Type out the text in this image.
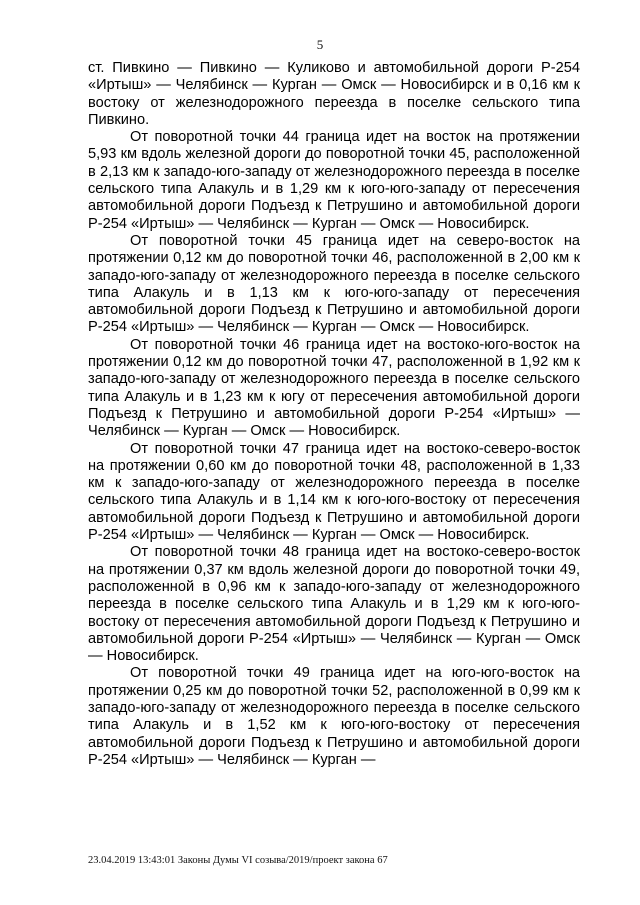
5

ст. Пивкино — Пивкино — Куликово и автомобильной дороги Р-254 «Иртыш» — Челябинск — Курган — Омск — Новосибирск и в 0,16 км к востоку от железнодорожного переезда в поселке сельского типа Пивкино.

От поворотной точки 44 граница идет на восток на протяжении 5,93 км вдоль железной дороги до поворотной точки 45, расположенной в 2,13 км к западо-юго-западу от железнодорожного переезда в поселке сельского типа Алакуль и в 1,29 км к юго-юго-западу от пересечения автомобильной дороги Подъезд к Петрушино и автомобильной дороги Р-254 «Иртыш» — Челябинск — Курган — Омск — Новосибирск.

От поворотной точки 45 граница идет на северо-восток на протяжении 0,12 км до поворотной точки 46, расположенной в 2,00 км к западо-юго-западу от железнодорожного переезда в поселке сельского типа Алакуль и в 1,13 км к юго-юго-западу от пересечения автомобильной дороги Подъезд к Петрушино и автомобильной дороги Р-254 «Иртыш» — Челябинск — Курган — Омск — Новосибирск.

От поворотной точки 46 граница идет на востоко-юго-восток на протяжении 0,12 км до поворотной точки 47, расположенной в 1,92 км к западо-юго-западу от железнодорожного переезда в поселке сельского типа Алакуль и в 1,23 км к югу от пересечения автомобильной дороги Подъезд к Петрушино и автомобильной дороги Р-254 «Иртыш» — Челябинск — Курган — Омск — Новосибирск.

От поворотной точки 47 граница идет на востоко-северо-восток на протяжении 0,60 км до поворотной точки 48, расположенной в 1,33 км к западо-юго-западу от железнодорожного переезда в поселке сельского типа Алакуль и в 1,14 км к юго-юго-востоку от пересечения автомобильной дороги Подъезд к Петрушино и автомобильной дороги Р-254 «Иртыш» — Челябинск — Курган — Омск — Новосибирск.

От поворотной точки 48 граница идет на востоко-северо-восток на протяжении 0,37 км вдоль железной дороги до поворотной точки 49, расположенной в 0,96 км к западо-юго-западу от железнодорожного переезда в поселке сельского типа Алакуль и в 1,29 км к юго-юго-востоку от пересечения автомобильной дороги Подъезд к Петрушино и автомобильной дороги Р-254 «Иртыш» — Челябинск — Курган — Омск — Новосибирск.

От поворотной точки 49 граница идет на юго-юго-восток на протяжении 0,25 км до поворотной точки 52, расположенной в 0,99 км к западо-юго-западу от железнодорожного переезда в поселке сельского типа Алакуль и в 1,52 км к юго-юго-востоку от пересечения автомобильной дороги Подъезд к Петрушино и автомобильной дороги Р-254 «Иртыш» — Челябинск — Курган —

23.04.2019 13:43:01 Законы Думы VI созыва/2019/проект закона 67
